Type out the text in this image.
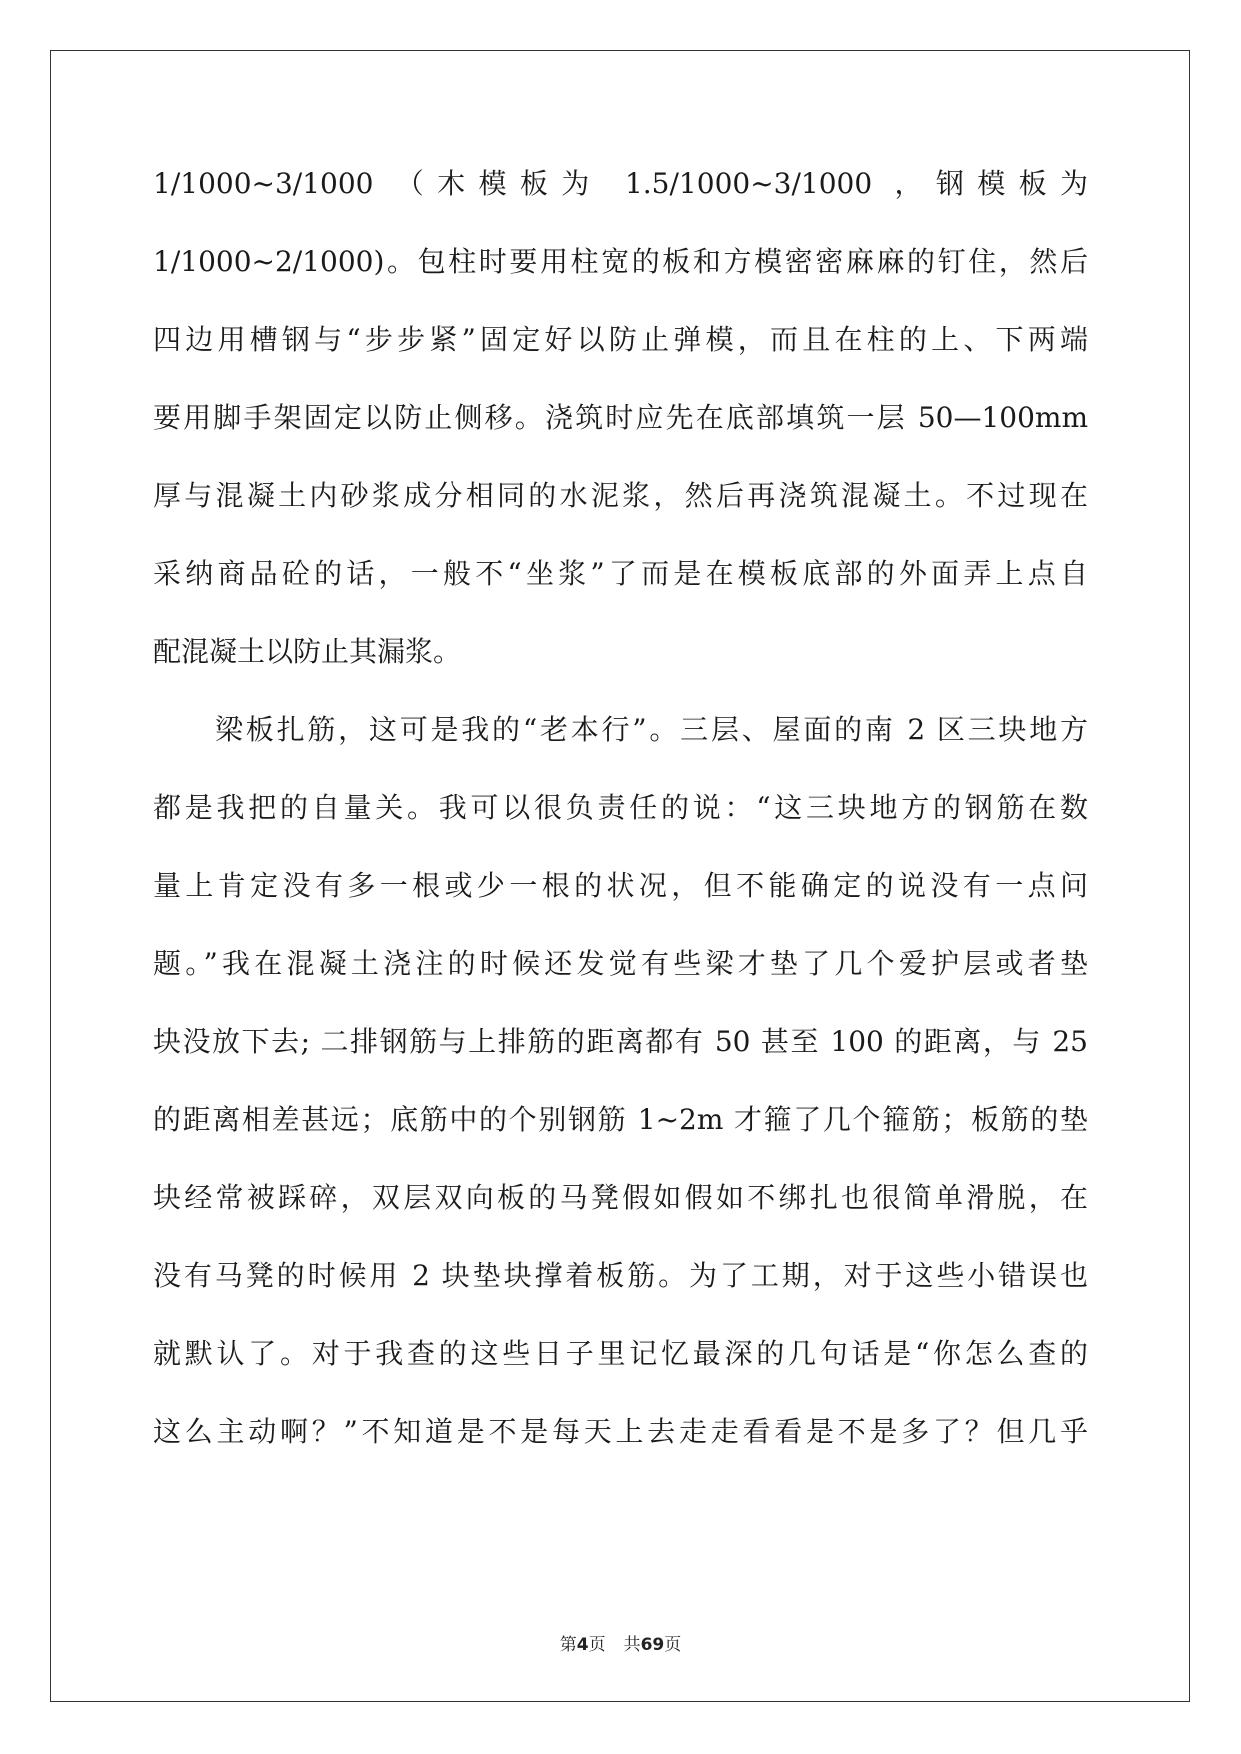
1/1000~3/1000 （木模板为 1.5/1000~3/1000 ，钢模板为
1/1000~2/1000)。包柱时要用柱宽的板和方模密密麻麻的钉住，然后
四边用槽钢与“步步紧”固定好以防止弹模，而且在柱的上、下两端
要用脚手架固定以防止侧移。浇筑时应先在底部填筑一层 50—100mm
厚与混凝土内砂浆成分相同的水泥浆，然后再浇筑混凝土。不过现在
采纳商品砼的话，一般不“坐浆”了而是在模板底部的外面弄上点自
配混凝土以防止其漏浆。
梁板扎筋，这可是我的“老本行”。三层、屋面的南 2 区三块地方
都是我把的自量关。我可以很负责任的说：“这三块地方的钢筋在数
量上肯定没有多一根或少一根的状况，但不能确定的说没有一点问
题。”我在混凝土浇注的时候还发觉有些梁才垫了几个爱护层或者垫
块没放下去; 二排钢筋与上排筋的距离都有 50 甚至 100 的距离，与 25
的距离相差甚远；底筋中的个别钢筋 1~2m 才箍了几个箍筋；板筋的垫
块经常被踩碎，双层双向板的马凳假如假如不绑扎也很简单滑脱，在
没有马凳的时候用 2 块垫块撑着板筋。为了工期，对于这些小错误也
就默认了。对于我查的这些日子里记忆最深的几句话是“你怎么查的
这么主动啊？”不知道是不是每天上去走走看看是不是多了？但几乎
第4页 共69页
